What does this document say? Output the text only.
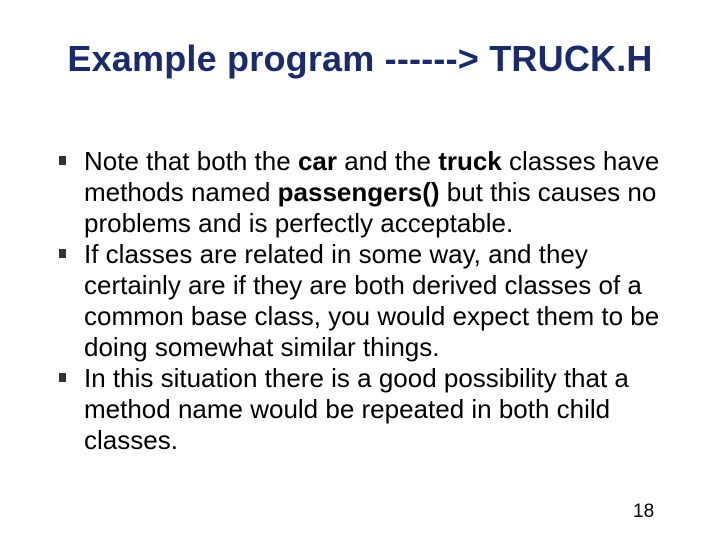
Example program ------> TRUCK.H
Note that both the car and the truck classes have methods named passengers() but this causes no problems and is perfectly acceptable.
If classes are related in some way, and they certainly are if they are both derived classes of a common base class, you would expect them to be doing somewhat similar things.
In this situation there is a good possibility that a method name would be repeated in both child classes.
18
